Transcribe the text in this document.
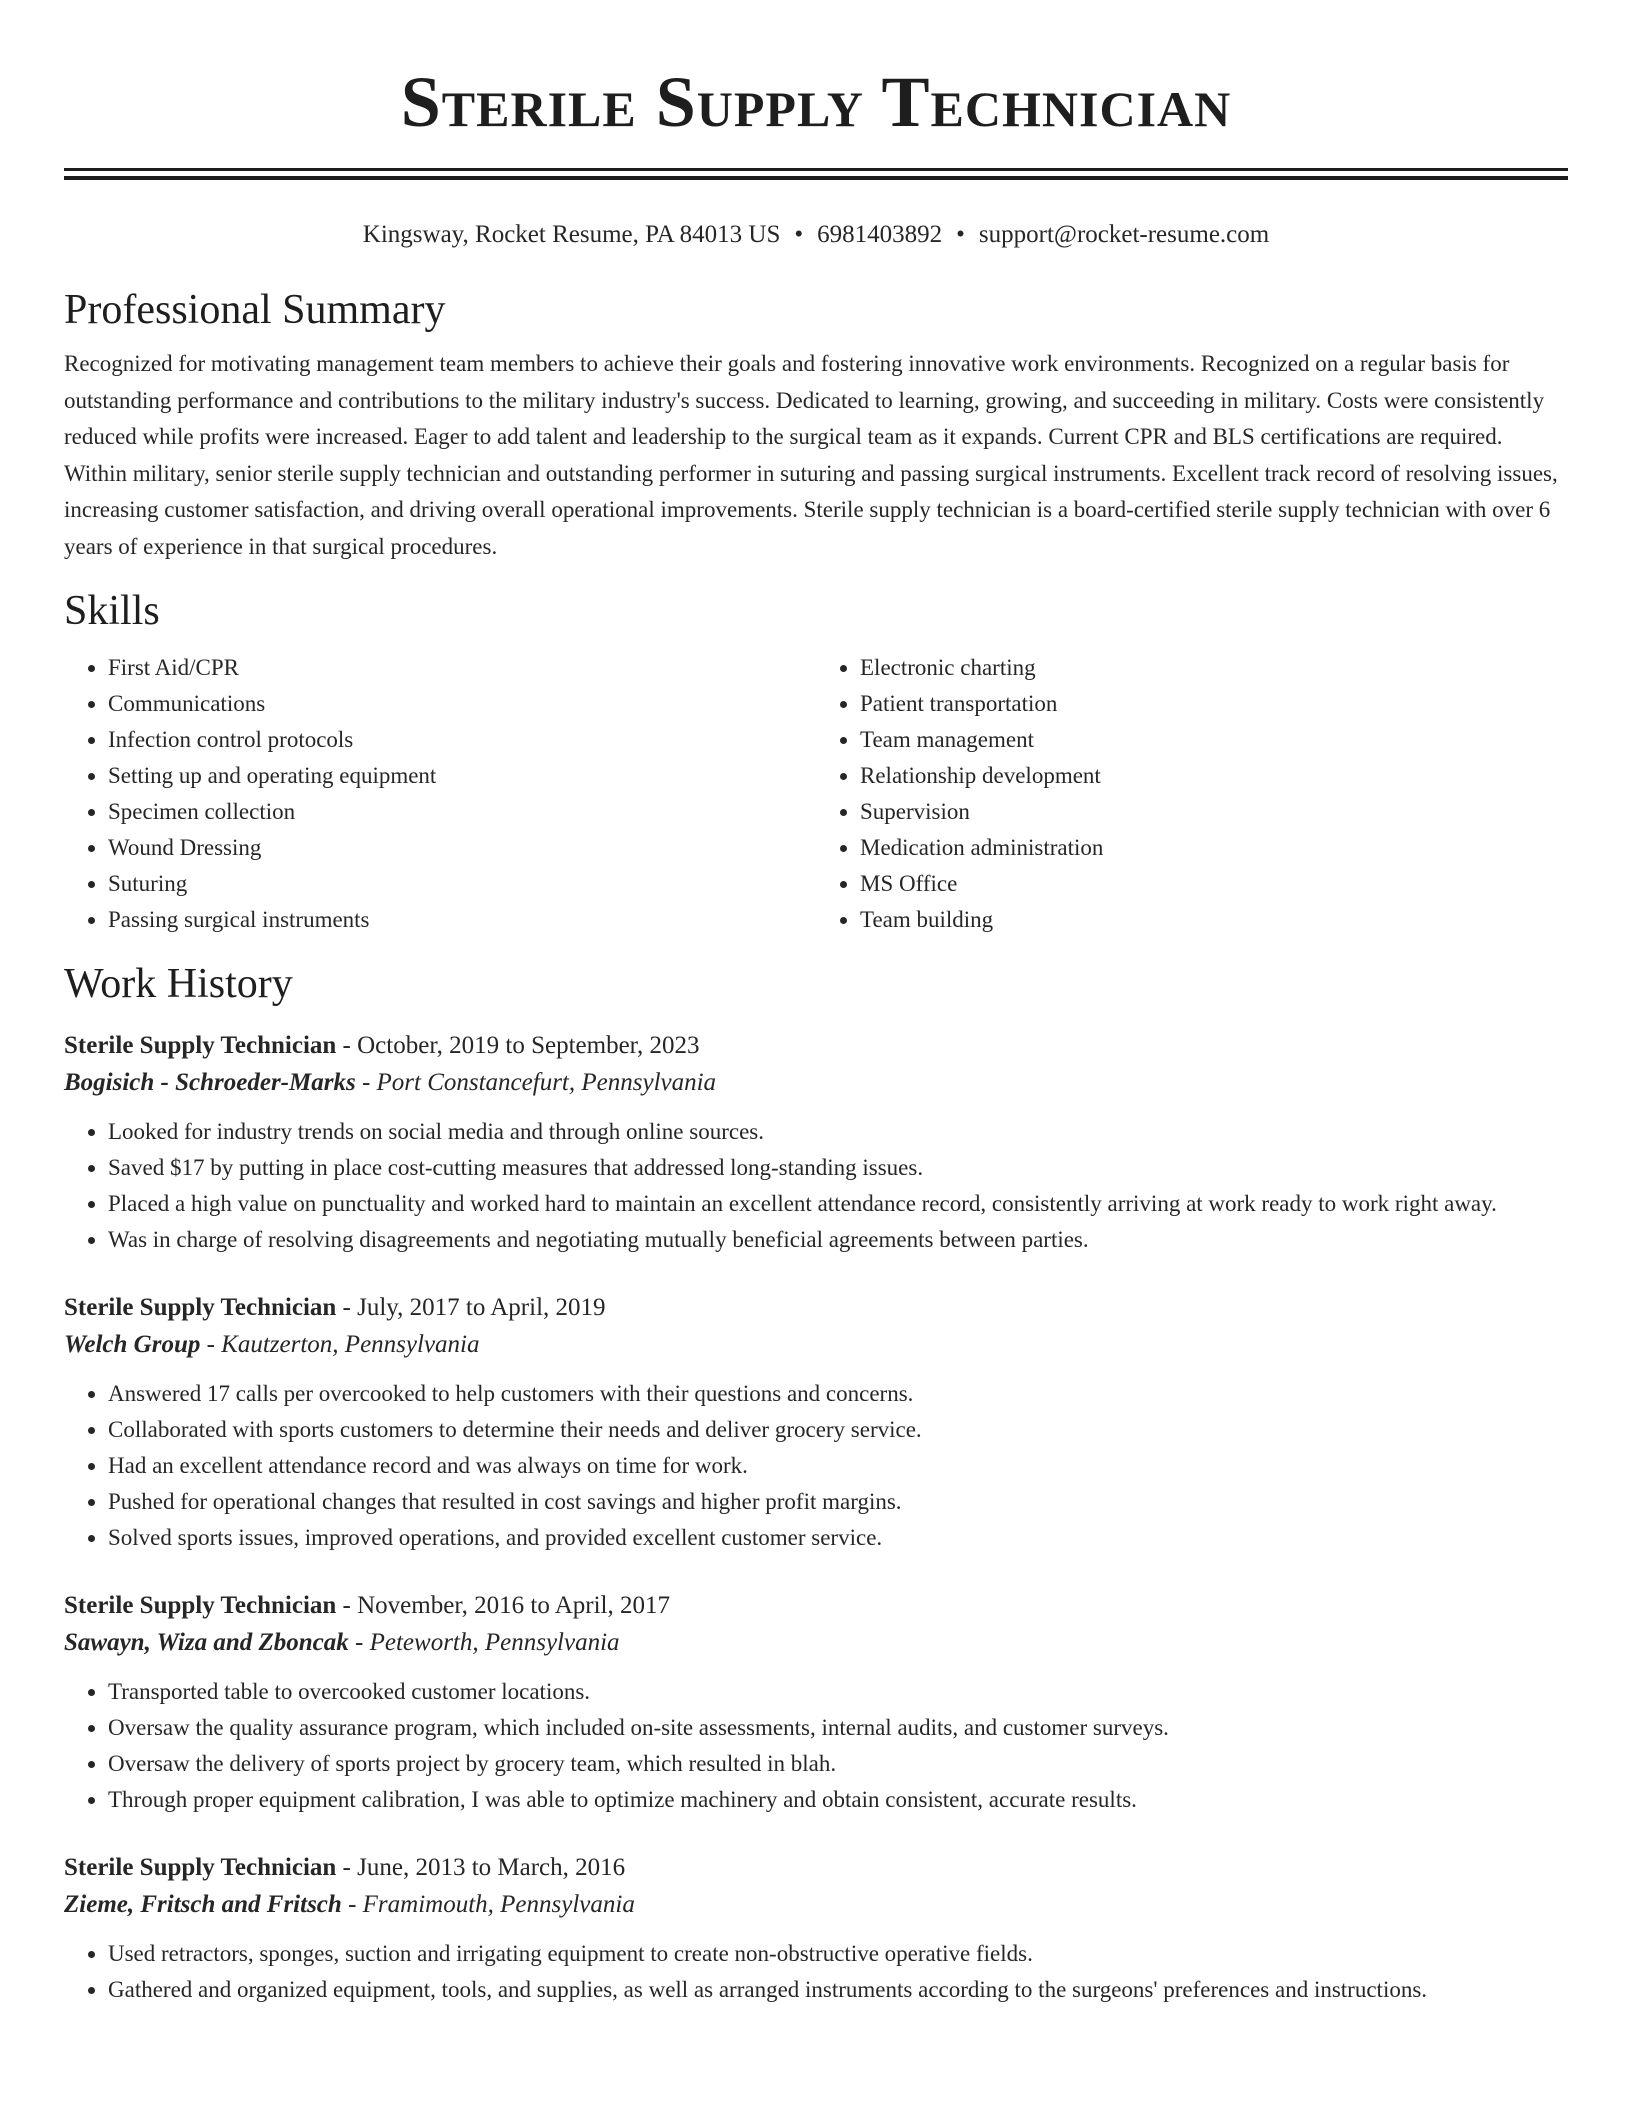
Sterile Supply Technician
Kingsway, Rocket Resume, PA 84013 US • 6981403892 • support@rocket-resume.com
Professional Summary

Recognized for motivating management team members to achieve their goals and fostering innovative work environments. Recognized on a regular basis for outstanding performance and contributions to the military industry's success. Dedicated to learning, growing, and succeeding in military. Costs were consistently reduced while profits were increased. Eager to add talent and leadership to the surgical team as it expands. Current CPR and BLS certifications are required. Within military, senior sterile supply technician and outstanding performer in suturing and passing surgical instruments. Excellent track record of resolving issues, increasing customer satisfaction, and driving overall operational improvements. Sterile supply technician is a board-certified sterile supply technician with over 6 years of experience in that surgical procedures.

Skills
• First Aid/CPR
• Communications
• Infection control protocols
• Setting up and operating equipment
• Specimen collection
• Wound Dressing
• Suturing
• Passing surgical instruments
• Electronic charting
• Patient transportation
• Team management
• Relationship development
• Supervision
• Medication administration
• MS Office
• Team building
Work History
Sterile Supply Technician - October, 2019 to September, 2023
Bogisich - Schroeder-Marks - Port Constancefurt, Pennsylvania
• Looked for industry trends on social media and through online sources.
• Saved $17 by putting in place cost-cutting measures that addressed long-standing issues.
• Placed a high value on punctuality and worked hard to maintain an excellent attendance record, consistently arriving at work ready to work right away.
• Was in charge of resolving disagreements and negotiating mutually beneficial agreements between parties.
Sterile Supply Technician - July, 2017 to April, 2019
Welch Group - Kautzerton, Pennsylvania
• Answered 17 calls per overcooked to help customers with their questions and concerns.
• Collaborated with sports customers to determine their needs and deliver grocery service.
• Had an excellent attendance record and was always on time for work.
• Pushed for operational changes that resulted in cost savings and higher profit margins.
• Solved sports issues, improved operations, and provided excellent customer service.
Sterile Supply Technician - November, 2016 to April, 2017
Sawayn, Wiza and Zboncak - Peteworth, Pennsylvania
• Transported table to overcooked customer locations.
• Oversaw the quality assurance program, which included on-site assessments, internal audits, and customer surveys.
• Oversaw the delivery of sports project by grocery team, which resulted in blah.
• Through proper equipment calibration, I was able to optimize machinery and obtain consistent, accurate results.
Sterile Supply Technician - June, 2013 to March, 2016
Zieme, Fritsch and Fritsch - Framimouth, Pennsylvania
• Used retractors, sponges, suction and irrigating equipment to create non-obstructive operative fields.
• Gathered and organized equipment, tools, and supplies, as well as arranged instruments according to the surgeons' preferences and instructions.
